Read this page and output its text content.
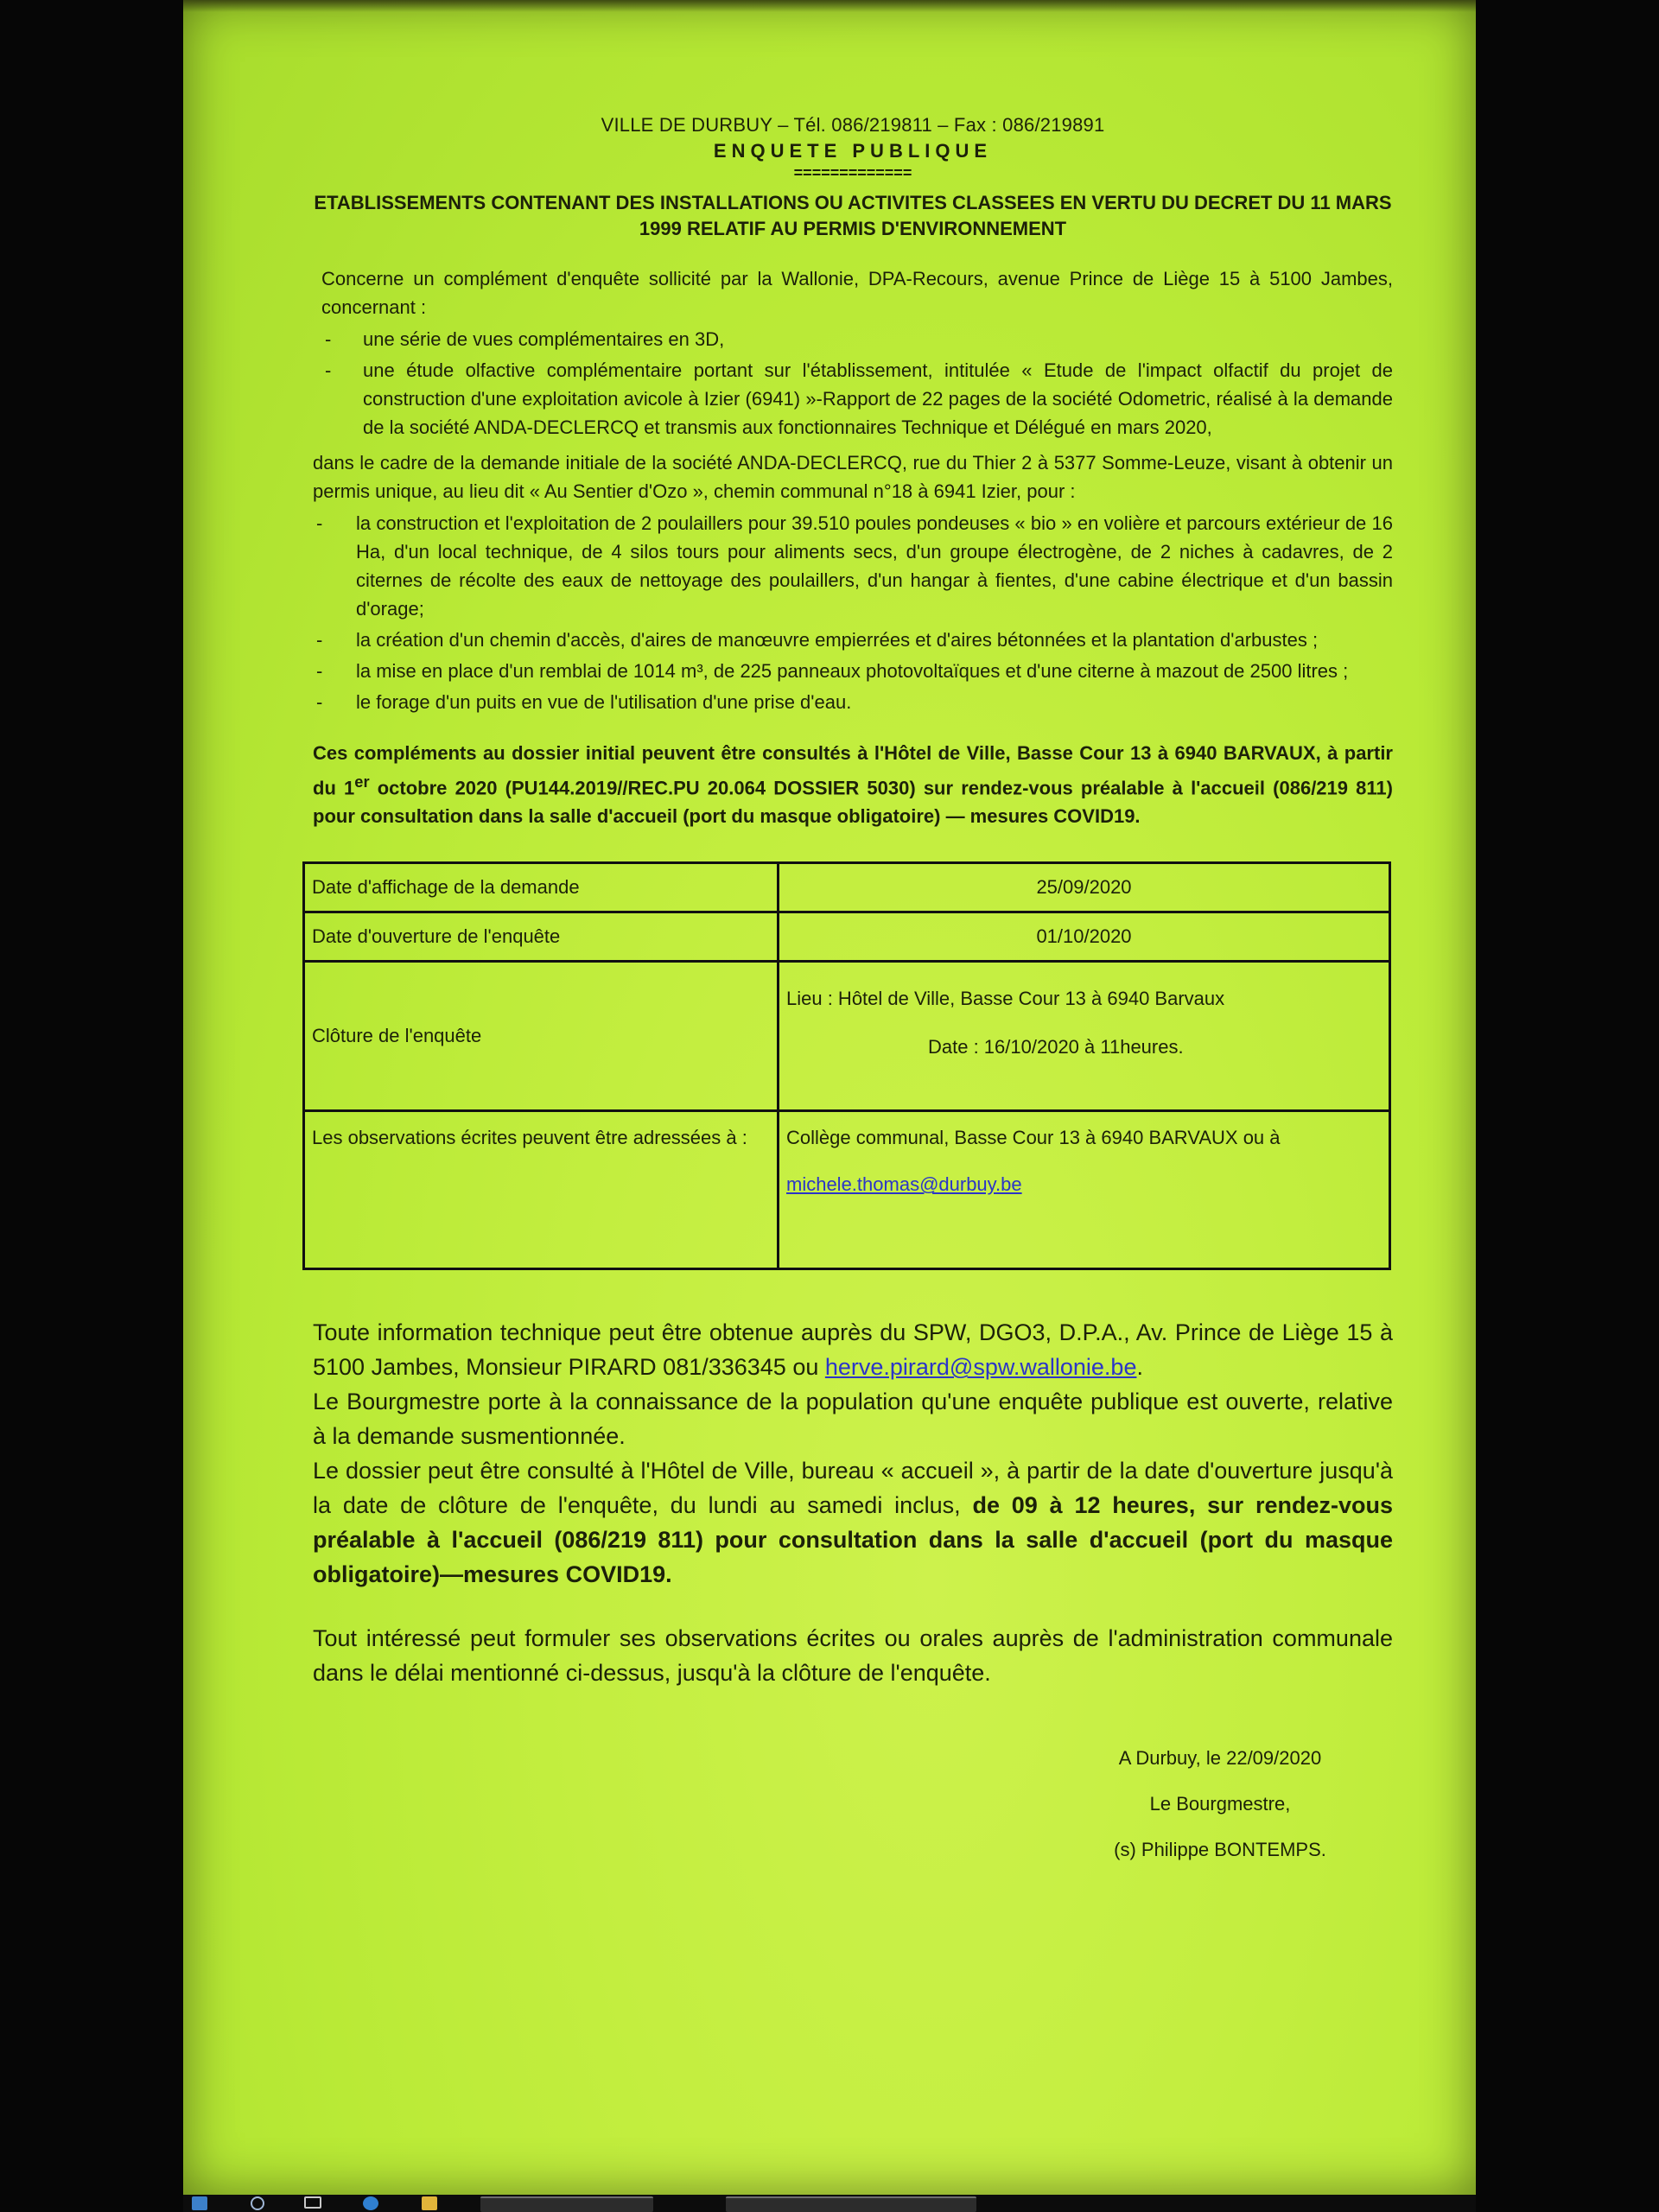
VILLE DE DURBUY – Tél. 086/219811 – Fax : 086/219891
ENQUETE PUBLIQUE
=============
ETABLISSEMENTS CONTENANT DES INSTALLATIONS OU ACTIVITES CLASSEES EN VERTU DU DECRET DU 11 MARS
1999 RELATIF AU PERMIS D'ENVIRONNEMENT
Concerne un complément d'enquête sollicité par la Wallonie, DPA-Recours, avenue Prince de Liège 15 à 5100 Jambes, concernant :
- une série de vues complémentaires en 3D,
- une étude olfactive complémentaire portant sur l'établissement, intitulée « Etude de l'impact olfactif du projet de construction d'une exploitation avicole à Izier (6941) »-Rapport de 22 pages de la société Odometric, réalisé à la demande de la société ANDA-DECLERCQ et transmis aux fonctionnaires Technique et Délégué en mars 2020,
dans le cadre de la demande initiale de la société ANDA-DECLERCQ, rue du Thier 2 à 5377 Somme-Leuze, visant à obtenir un permis unique, au lieu dit « Au Sentier d'Ozo », chemin communal n°18 à 6941 Izier, pour :
- la construction et l'exploitation de 2 poulaillers pour 39.510 poules pondeuses « bio » en volière et parcours extérieur de 16 Ha, d'un local technique, de 4 silos tours pour aliments secs, d'un groupe électrogène, de 2 niches à cadavres, de 2 citernes de récolte des eaux de nettoyage des poulaillers, d'un hangar à fientes, d'une cabine électrique et d'un bassin d'orage;
- la création d'un chemin d'accès, d'aires de manœuvre empierrées et d'aires bétonnées et la plantation d'arbustes ;
- la mise en place d'un remblai de 1014 m³, de 225 panneaux photovoltaïques et d'une citerne à mazout de 2500 litres ;
- le forage d'un puits en vue de l'utilisation d'une prise d'eau.
Ces compléments au dossier initial peuvent être consultés à l'Hôtel de Ville, Basse Cour 13 à 6940 BARVAUX, à partir du 1er octobre 2020 (PU144.2019//REC.PU 20.064 DOSSIER 5030) sur rendez-vous préalable à l'accueil (086/219 811) pour consultation dans la salle d'accueil (port du masque obligatoire) — mesures COVID19.
Date d'affichage de la demande	25/09/2020
Date d'ouverture de l'enquête	01/10/2020
Clôture de l'enquête	Lieu : Hôtel de Ville, Basse Cour 13 à 6940 Barvaux
Date : 16/10/2020 à 11heures.

Les observations écrites peuvent être adressées à :	Collège communal, Basse Cour 13 à 6940 BARVAUX ou à
michele.thomas@durbuy.be

Toute information technique peut être obtenue auprès du SPW, DGO3, D.P.A., Av. Prince de Liège 15 à 5100 Jambes, Monsieur PIRARD 081/336345 ou herve.pirard@spw.wallonie.be.

Le Bourgmestre porte à la connaissance de la population qu'une enquête publique est ouverte, relative à la demande susmentionnée.

Le dossier peut être consulté à l'Hôtel de Ville, bureau « accueil », à partir de la date d'ouverture jusqu'à la date de clôture de l'enquête, du lundi au samedi inclus, de 09 à 12 heures, sur rendez-vous préalable à l'accueil (086/219 811) pour consultation dans la salle d'accueil (port du masque obligatoire)—mesures COVID19.

Tout intéressé peut formuler ses observations écrites ou orales auprès de l'administration communale dans le délai mentionné ci-dessus, jusqu'à la clôture de l'enquête.

A Durbuy, le 22/09/2020
Le Bourgmestre,
(s) Philippe BONTEMPS.
